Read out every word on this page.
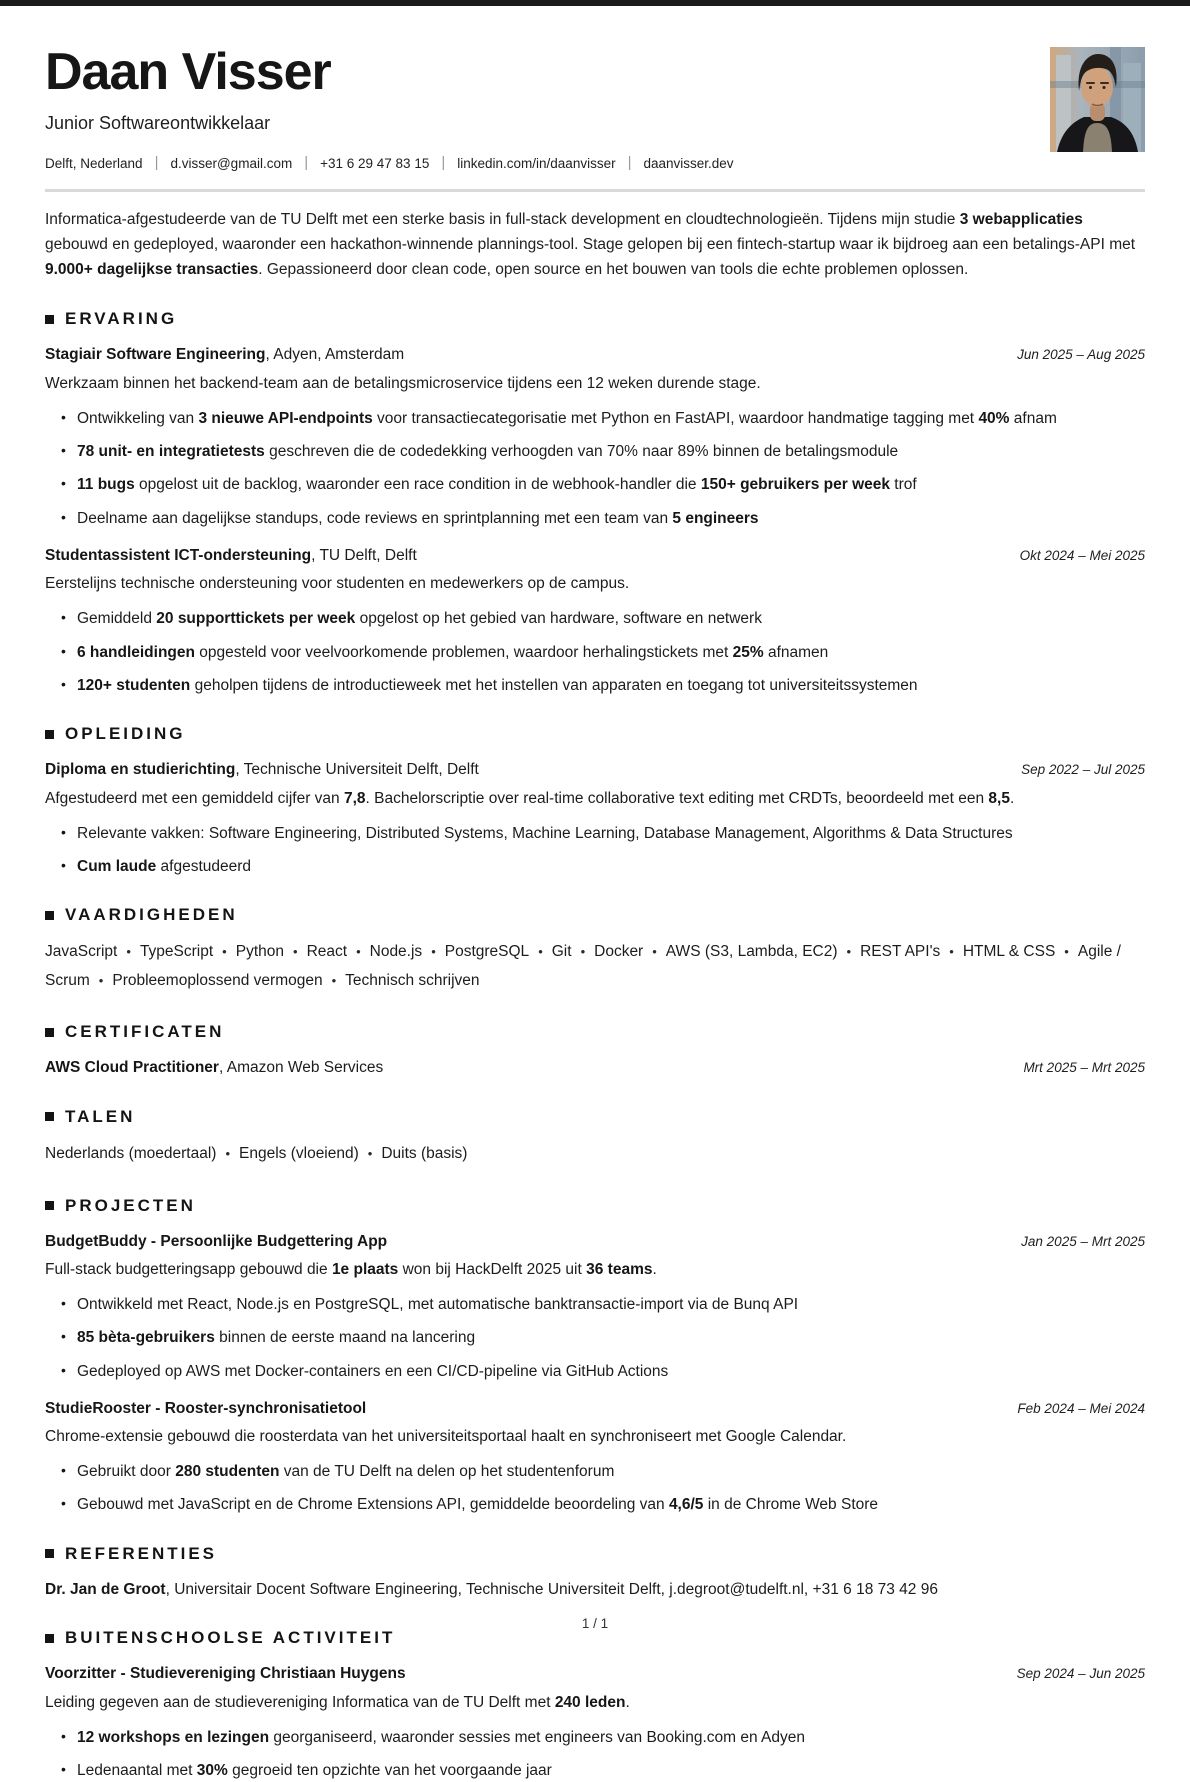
Daan Visser
Junior Softwareontwikkelaar
Delft, Nederland | d.visser@gmail.com | +31 6 29 47 83 15 | linkedin.com/in/daanvisser | daanvisser.dev

Informatica-afgestudeerde van de TU Delft met een sterke basis in full-stack development en cloudtechnologieën. Tijdens mijn studie 3 webapplicaties gebouwd en gedeployed, waaronder een hackathon-winnende plannings-tool. Stage gelopen bij een fintech-startup waar ik bijdroeg aan een betalings-API met 9.000+ dagelijkse transacties. Gepassioneerd door clean code, open source en het bouwen van tools die echte problemen oplossen.

ERVARING
Stagiair Software Engineering, Adyen, Amsterdam	Jun 2025 – Aug 2025

Werkzaam binnen het backend-team aan de betalingsmicroservice tijdens een 12 weken durende stage.

• Ontwikkeling van 3 nieuwe API-endpoints voor transactiecategorisatie met Python en FastAPI, waardoor handmatige tagging met 40% afnam
• 78 unit- en integratietests geschreven die de codedekking verhoogden van 70% naar 89% binnen de betalingsmodule
• 11 bugs opgelost uit de backlog, waaronder een race condition in de webhook-handler die 150+ gebruikers per week trof
• Deelname aan dagelijkse standups, code reviews en sprintplanning met een team van 5 engineers
Studentassistent ICT-ondersteuning, TU Delft, Delft	Okt 2024 – Mei 2025

Eerstelijns technische ondersteuning voor studenten en medewerkers op de campus.

• Gemiddeld 20 supporttickets per week opgelost op het gebied van hardware, software en netwerk
• 6 handleidingen opgesteld voor veelvoorkomende problemen, waardoor herhalingstickets met 25% afnamen
• 120+ studenten geholpen tijdens de introductieweek met het instellen van apparaten en toegang tot universiteitssystemen
OPLEIDING
Diploma en studierichting, Technische Universiteit Delft, Delft	Sep 2022 – Jul 2025

Afgestudeerd met een gemiddeld cijfer van 7,8. Bachelorscriptie over real-time collaborative text editing met CRDTs, beoordeeld met een 8,5.

• Relevante vakken: Software Engineering, Distributed Systems, Machine Learning, Database Management, Algorithms & Data Structures
• Cum laude afgestudeerd
VAARDIGHEDEN

JavaScript • TypeScript • Python • React • Node.js • PostgreSQL • Git • Docker • AWS (S3, Lambda, EC2) • REST API's • HTML & CSS • Agile / Scrum • Probleemoplossend vermogen • Technisch schrijven

CERTIFICATEN
AWS Cloud Practitioner, Amazon Web Services	Mrt 2025 – Mrt 2025
TALEN

Nederlands (moedertaal) • Engels (vloeiend) • Duits (basis)

PROJECTEN
BudgetBuddy - Persoonlijke Budgettering App	Jan 2025 – Mrt 2025

Full-stack budgetteringsapp gebouwd die 1e plaats won bij HackDelft 2025 uit 36 teams.

• Ontwikkeld met React, Node.js en PostgreSQL, met automatische banktransactie-import via de Bunq API
• 85 bèta-gebruikers binnen de eerste maand na lancering
• Gedeployed op AWS met Docker-containers en een CI/CD-pipeline via GitHub Actions
StudieRooster - Rooster-synchronisatietool	Feb 2024 – Mei 2024

Chrome-extensie gebouwd die roosterdata van het universiteitsportaal haalt en synchroniseert met Google Calendar.

• Gebruikt door 280 studenten van de TU Delft na delen op het studentenforum
• Gebouwd met JavaScript en de Chrome Extensions API, gemiddelde beoordeling van 4,6/5 in de Chrome Web Store
REFERENTIES
Dr. Jan de Groot, Universitair Docent Software Engineering, Technische Universiteit Delft, j.degroot@tudelft.nl, +31 6 18 73 42 96
BUITENSCHOOLSE ACTIVITEIT
Voorzitter - Studievereniging Christiaan Huygens	Sep 2024 – Jun 2025

Leiding gegeven aan de studievereniging Informatica van de TU Delft met 240 leden.

• 12 workshops en lezingen georganiseerd, waaronder sessies met engineers van Booking.com en Adyen
• Ledenaantal met 30% gegroeid ten opzichte van het voorgaande jaar
1 / 1
